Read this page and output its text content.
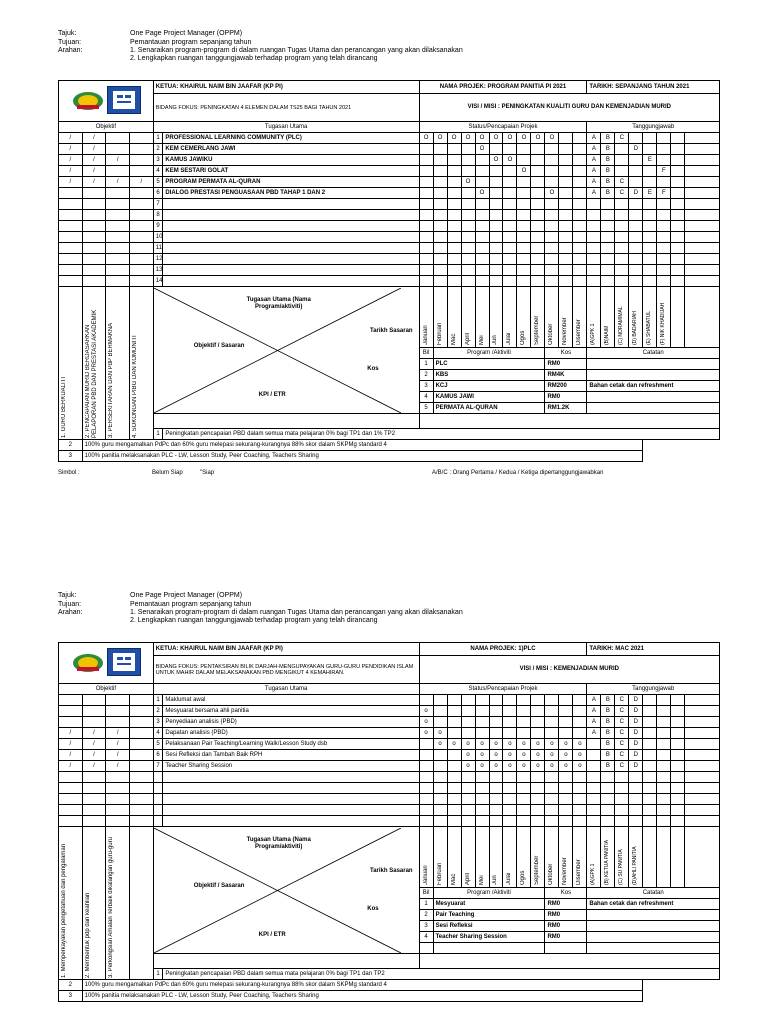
Tajuk:	One Page Project Manager (OPPM)
Tujuan:	Pemantauan program sepanjang tahun
Arahan:	1. Senaraikan program-program di dalam ruangan Tugas Utama dan perancangan yang akan dilaksanakan
2. Lengkapkan ruangan tanggungjawab terhadap program yang telah dirancang
	KETUA: KHAIRUL NAIM BIN JAAFAR (KP PI)		NAMA PROJEK: PROGRAM PANITIA PI 2021												TARIKH: SEPANJANG TAHUN 2021							
				BIDANG FOKUS: PENINGKATAN 4 ELEMEN DALAM TS25 BAGI TAHUN 2021		VISI / MISI : PENINGKATAN KUALITI GURU DAN KEMENJADIAN MURID																			
Objektif				Tugasan Utama		Status/Pencapaian Projek												Tanggungjawab							
/	/			1	PROFESSIONAL LEARNING COMMUNITY (PLC)	O	O	O	O	O	O	O	O	O	O			A	B	C					
/	/			2	KEM CEMERLANG JAWI					O								A	B		D				
/	/	/		3	KAMUS JAWIKU						O	O						A	B			E			
/	/			4	KEM SESTARI GOLAT								O					A	B				F		
/	/	/	/	5	PROGRAM PERMATA AL-QURAN				O									A	B	C					
				6	DIALOG PRESTASI PENGUASAAN PBD TAHAP 1 DAN 2					O					O			A	B	C	D	E	F		
				7																					
				8																					
				9																					
				10																					
				11																					
				12																					
				13																					
				14																					

1. GURU BERKUALITI	2. PENCAPAIAN MURID BERDASARKAN PELAPORAN PBD DAN PRESTASI AKADEMIK	3. PERSEKITARAN DAN PdP BERMAKNA	4. SOKONGAN PIBG DAN KOMUNITI	Tugasan Utama (Nama Program/aktiviti)
Tarikh Sasaran
Objektif / Sasaran
Kos
KPI / ETR		Januari	Februari	Mac	April	Mei	Jun	Julai	Ogos	September	Oktober	November	Disember	(A)GPK 1	(B)NAIM	(C) NORAMIMAL	(D) BADARIAH	(E) SHABATUL	(F) NIK KHADIJAH		

						Bil	Program /Aktiviti								Kos			Catatan							
						1	PLC								RM0										
						2	KBS								RM4K										
						3	KCJ								RM200			Bahan cetak dan refreshment							
						4	KAMUS JAWI								RM0										
						5	PERMATA AL-QURAN								RM1.2K										

				1	Peningkatan pencapaian PBD dalam semua mata pelajaran 0% bagi TP1 dan 1% TP2																				
2	100% guru mengamalkan PdPc dan 60% guru melepasi sekurang-kurangnya 88% skor dalam SKPMg standard 4																								
3	100% panitia melaksanakan PLC - LW, Lesson Study, Peer Coaching, Teachers Sharing																								
Simbol :	Belum Siap	"Siap	A/B/C : Orang Pertama / Kedua / Ketiga dipertanggungjawabkan
Tajuk:	One Page Project Manager (OPPM)
Tujuan:	Pemantauan program sepanjang tahun
Arahan:	1. Senaraikan program-program di dalam ruangan Tugas Utama dan perancangan yang akan dilaksanakan
2. Lengkapkan ruangan tanggungjawab terhadap program yang telah dirancang
	KETUA: KHAIRUL NAIM BIN JAAFAR (KP PI)		NAMA PROJEK: 1)PLC												TARIKH: MAC 2021							
				BIDANG FOKUS: PENTAKSIRAN BILIK DARJAH-MENGUPAYAKAN GURU-GURU PENDIDIKAN ISLAM UNTUK MAHIR DALAM MELAKSANAKAN PBD MENGIKUT 4 KEMAHIRAN.		VISI / MISI : KEMENJADIAN MURID																			
Objektif				Tugasan Utama		Status/Pencapaian Projek												Tanggungjawab							
				1	Maklumat awal													A	B	C	D				
				2	Mesyuarat bersama ahli panitia	o												A	B	C	D				
				3	Penyediaan analisis (PBD)	o												A	B	C	D				
/	/	/		4	Dapatan analisis (PBD)	o	o											A	B	C	D				
/	/	/		5	Pelaksanaan Pair Teaching/Learning Walk/Lesson Study dsb		o	o	o	o	o	o	o	o	o	o	o		B	C	D				
/	/	/		6	Sesi Refleksi dan Tambah Baik RPH				o	o	o	o	o	o	o	o	o		B	C	D				
/	/	/		7	Teacher Sharing Session				o	o	o	o	o	o	o	o	o		B	C	D				

1. Memperkayakan pengetahuan dan pengalaman	2. Membentuk pdp dan keahlian	3. Perkongsian Amalan Terbaik dikalangan guru-guru		Tugasan Utama (Nama Program/aktiviti)
Tarikh Sasaran
Objektif / Sasaran
Kos
KPI / ETR		Januari	Februari	Mac	April	Mei	Jun	Julai	Ogos	September	Oktober	November	Disember	(A)GPK 1	(B) KETUA PANITIA	(C) SU PANITIA	(D)AHLI PANITIA				

						Bil	Program /Aktiviti								Kos			Catatan							
						1	Mesyuarat								RM0			Bahan cetak dan refreshment							
						2	Pair Teaching								RM0										
						3	Sesi Refleksi								RM0										
						4	Teacher Sharing Session								RM0										

				1	Peningkatan pencapaian PBD dalam semua mata pelajaran 0% bagi TP1 dan TP2																				
2	100% guru mengamalkan PdPc dan 60% guru melepasi sekurang-kurangnya 88% skor dalam SKPMg standard 4																								
3	100% panitia melaksanakan PLC - LW, Lesson Study, Peer Coaching, Teachers Sharing																								
